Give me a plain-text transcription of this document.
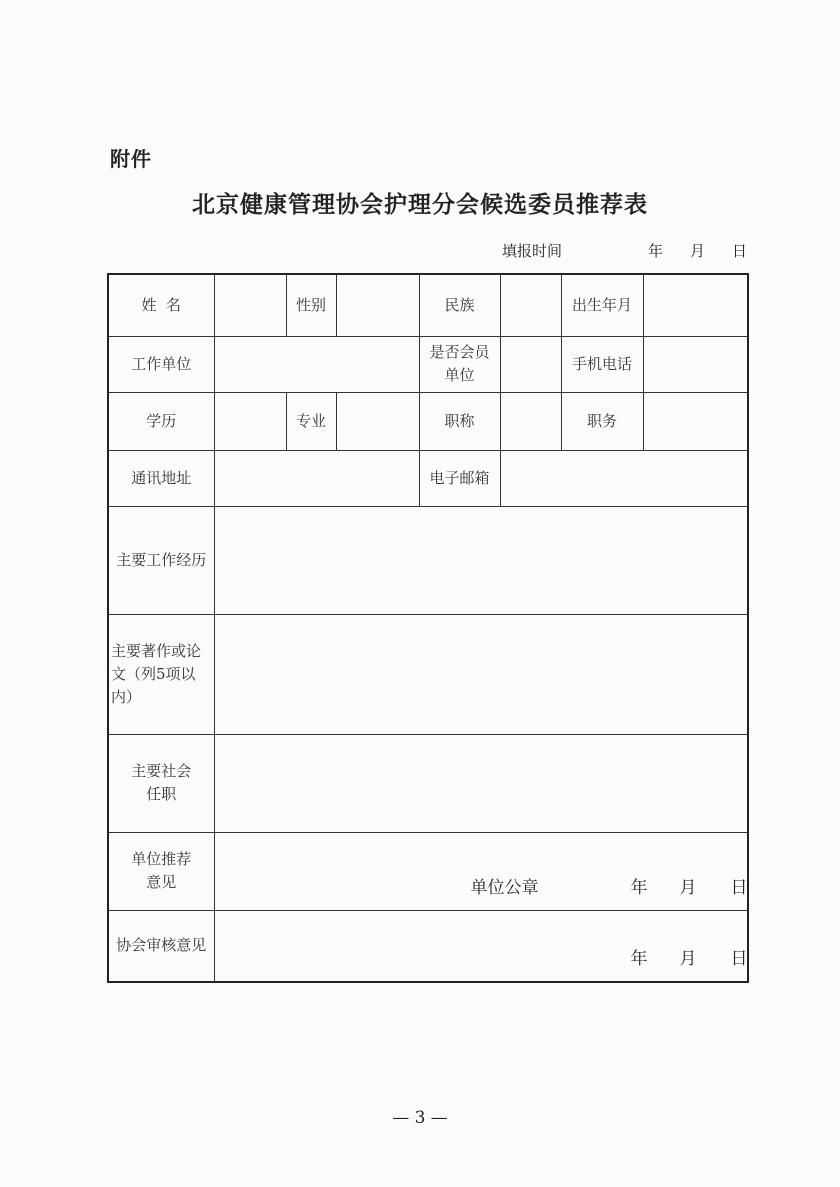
附件
北京健康管理协会护理分会候选委员推荐表
填报时间	年 月 日
姓  名		性别		民族		出生年月	
工作单位				是否会员单位		手机电话	
学历		专业		职称		职务	
通讯地址				电子邮箱			
主要工作经历							
主要著作或论文（列5项以内）							
主要社会任职							
单位推荐意见	单位公章 年 月 日						

协会审核意见	年 月 日						
— 3 —
